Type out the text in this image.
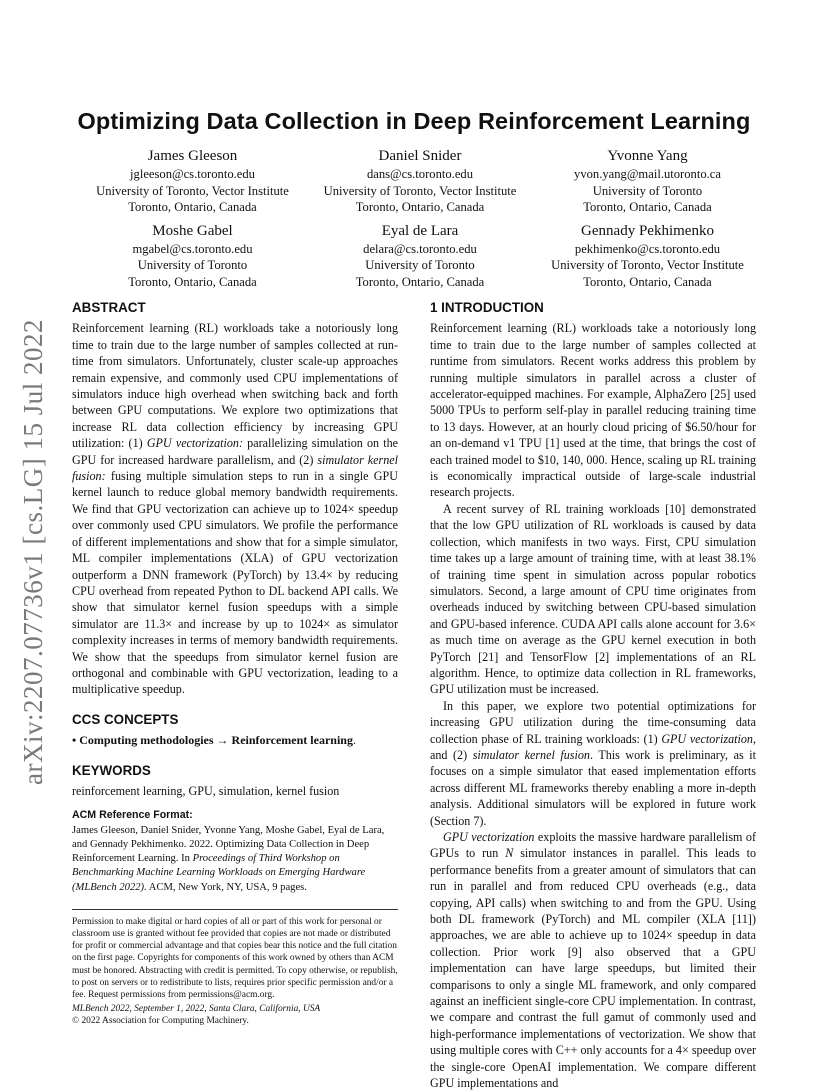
arXiv:2207.07736v1 [cs.LG] 15 Jul 2022
Optimizing Data Collection in Deep Reinforcement Learning
James Gleeson
jgleeson@cs.toronto.edu
University of Toronto, Vector Institute
Toronto, Ontario, Canada
Daniel Snider
dans@cs.toronto.edu
University of Toronto, Vector Institute
Toronto, Ontario, Canada
Yvonne Yang
yvon.yang@mail.utoronto.ca
University of Toronto
Toronto, Ontario, Canada
Moshe Gabel
mgabel@cs.toronto.edu
University of Toronto
Toronto, Ontario, Canada
Eyal de Lara
delara@cs.toronto.edu
University of Toronto
Toronto, Ontario, Canada
Gennady Pekhimenko
pekhimenko@cs.toronto.edu
University of Toronto, Vector Institute
Toronto, Ontario, Canada
ABSTRACT

Reinforcement learning (RL) workloads take a notoriously long time to train due to the large number of samples collected at run-time from simulators. Unfortunately, cluster scale-up approaches remain expensive, and commonly used CPU implementations of simulators induce high overhead when switching back and forth between GPU computations. We explore two optimizations that increase RL data collection efficiency by increasing GPU utilization: (1) GPU vectorization: parallelizing simulation on the GPU for increased hardware parallelism, and (2) simulator kernel fusion: fusing multiple simulation steps to run in a single GPU kernel launch to reduce global memory bandwidth requirements. We find that GPU vectorization can achieve up to 1024× speedup over commonly used CPU simulators. We profile the performance of different implementations and show that for a simple simulator, ML compiler implementations (XLA) of GPU vectorization outperform a DNN framework (PyTorch) by 13.4× by reducing CPU overhead from repeated Python to DL backend API calls. We show that simulator kernel fusion speedups with a simple simulator are 11.3× and increase by up to 1024× as simulator complexity increases in terms of memory bandwidth requirements. We show that the speedups from simulator kernel fusion are orthogonal and combinable with GPU vectorization, leading to a multiplicative speedup.

CCS CONCEPTS

• Computing methodologies → Reinforcement learning.

KEYWORDS

reinforcement learning, GPU, simulation, kernel fusion

ACM Reference Format:

James Gleeson, Daniel Snider, Yvonne Yang, Moshe Gabel, Eyal de Lara, and Gennady Pekhimenko. 2022. Optimizing Data Collection in Deep Reinforcement Learning. In Proceedings of Third Workshop on Benchmarking Machine Learning Workloads on Emerging Hardware (MLBench 2022). ACM, New York, NY, USA, 9 pages.

Permission to make digital or hard copies of all or part of this work for personal or classroom use is granted without fee provided that copies are not made or distributed for profit or commercial advantage and that copies bear this notice and the full citation on the first page. Copyrights for components of this work owned by others than ACM must be honored. Abstracting with credit is permitted. To copy otherwise, or republish, to post on servers or to redistribute to lists, requires prior specific permission and/or a fee. Request permissions from permissions@acm.org.

MLBench 2022, September 1, 2022, Santa Clara, California, USA

© 2022 Association for Computing Machinery.

1 INTRODUCTION

Reinforcement learning (RL) workloads take a notoriously long time to train due to the large number of samples collected at runtime from simulators. Recent works address this problem by running multiple simulators in parallel across a cluster of accelerator-equipped machines. For example, AlphaZero [25] used 5000 TPUs to perform self-play in parallel reducing training time to 13 days. However, at an hourly cloud pricing of $6.50/hour for an on-demand v1 TPU [1] used at the time, that brings the cost of each trained model to $10, 140, 000. Hence, scaling up RL training is economically impractical outside of large-scale industrial research projects.

A recent survey of RL training workloads [10] demonstrated that the low GPU utilization of RL workloads is caused by data collection, which manifests in two ways. First, CPU simulation time takes up a large amount of training time, with at least 38.1% of training time spent in simulation across popular robotics simulators. Second, a large amount of CPU time originates from overheads induced by switching between CPU-based simulation and GPU-based inference. CUDA API calls alone account for 3.6× as much time on average as the GPU kernel execution in both PyTorch [21] and TensorFlow [2] implementations of an RL algorithm. Hence, to optimize data collection in RL frameworks, GPU utilization must be increased.

In this paper, we explore two potential optimizations for increasing GPU utilization during the time-consuming data collection phase of RL training workloads: (1) GPU vectorization, and (2) simulator kernel fusion. This work is preliminary, as it focuses on a simple simulator that eased implementation efforts across different ML frameworks thereby enabling a more in-depth analysis. Additional simulators will be explored in future work (Section 7).

GPU vectorization exploits the massive hardware parallelism of GPUs to run N simulator instances in parallel. This leads to performance benefits from a greater amount of simulators that can run in parallel and from reduced CPU overheads (e.g., data copying, API calls) when switching to and from the GPU. Using both DL framework (PyTorch) and ML compiler (XLA [11]) approaches, we are able to achieve up to 1024× speedup in data collection. Prior work [9] also observed that a GPU implementation can have large speedups, but limited their comparisons to only a single ML framework, and only compared against an inefficient single-core CPU implementation. In contrast, we compare and contrast the full gamut of commonly used and high-performance implementations of vectorization. We show that using multiple cores with C++ only accounts for a 4× speedup over the single-core OpenAI implementation. We compare different GPU implementations and
